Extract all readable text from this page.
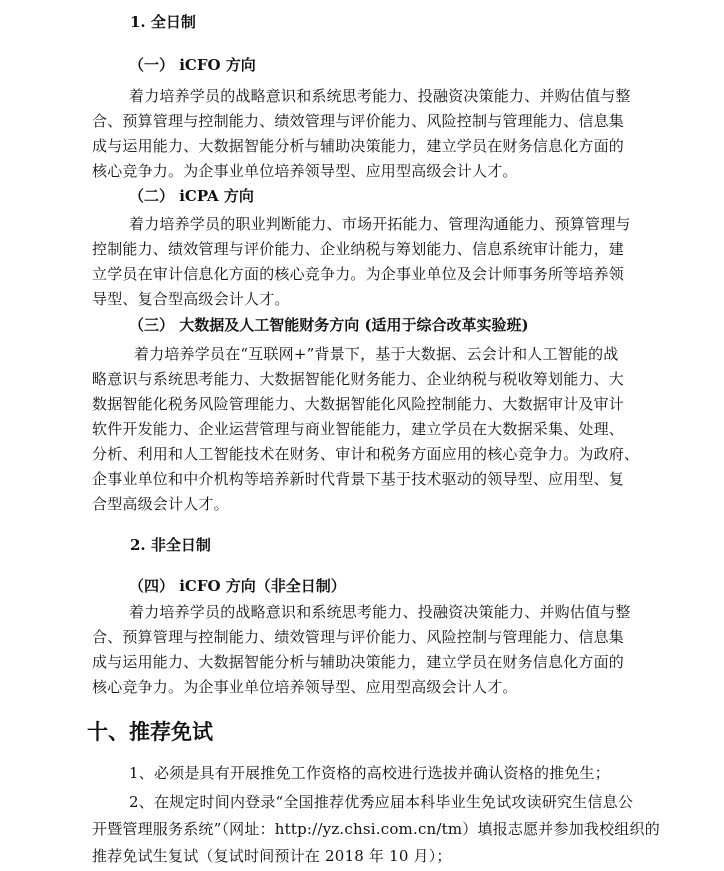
1. 全日制
（一） iCFO 方向
着力培养学员的战略意识和系统思考能力、投融资决策能力、并购估值与整
合、预算管理与控制能力、绩效管理与评价能力、风险控制与管理能力、信息集
成与运用能力、大数据智能分析与辅助决策能力，建立学员在财务信息化方面的
核心竞争力。为企事业单位培养领导型、应用型高级会计人才。
（二） iCPA 方向
着力培养学员的职业判断能力、市场开拓能力、管理沟通能力、预算管理与
控制能力、绩效管理与评价能力、企业纳税与筹划能力、信息系统审计能力，建
立学员在审计信息化方面的核心竞争力。为企事业单位及会计师事务所等培养领
导型、复合型高级会计人才。
（三） 大数据及人工智能财务方向 (适用于综合改革实验班)
着力培养学员在“互联网+”背景下，基于大数据、云会计和人工智能的战
略意识与系统思考能力、大数据智能化财务能力、企业纳税与税收筹划能力、大
数据智能化税务风险管理能力、大数据智能化风险控制能力、大数据审计及审计
软件开发能力、企业运营管理与商业智能能力，建立学员在大数据采集、处理、
分析、利用和人工智能技术在财务、审计和税务方面应用的核心竞争力。为政府、
企事业单位和中介机构等培养新时代背景下基于技术驱动的领导型、应用型、复
合型高级会计人才。
2. 非全日制
（四） iCFO 方向（非全日制）
着力培养学员的战略意识和系统思考能力、投融资决策能力、并购估值与整
合、预算管理与控制能力、绩效管理与评价能力、风险控制与管理能力、信息集
成与运用能力、大数据智能分析与辅助决策能力，建立学员在财务信息化方面的
核心竞争力。为企事业单位培养领导型、应用型高级会计人才。
十、推荐免试
1、必须是具有开展推免工作资格的高校进行选拔并确认资格的推免生；
2、在规定时间内登录“全国推荐优秀应届本科毕业生免试攻读研究生信息公
开暨管理服务系统”（网址：http://yz.chsi.com.cn/tm）填报志愿并参加我校组织的
推荐免试生复试（复试时间预计在 2018 年 10 月）；
